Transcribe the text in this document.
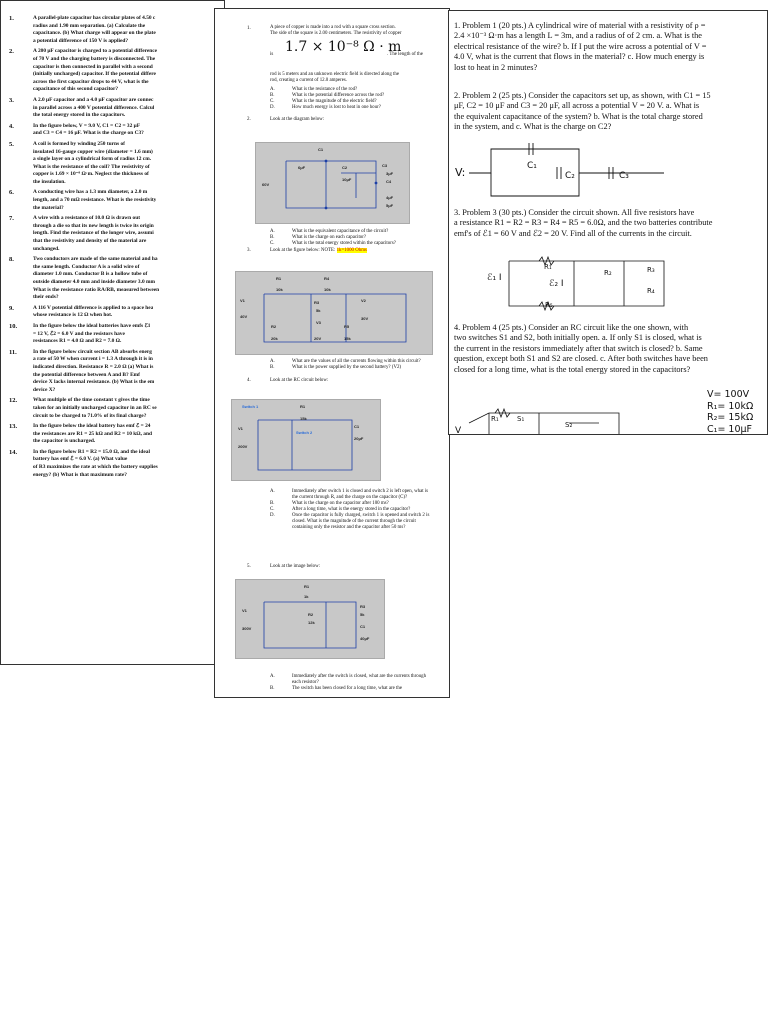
1.	A parallel-plate capacitor has circular plates of 4.50 c
radius and 1.90 mm separation. (a) Calculate the
capacitance. (b) What charge will appear on the plate
a potential difference of 150 V is applied?
2.	A 200 μF capacitor is charged to a potential difference
of 70 V and the charging battery is disconnected. The
capacitor is then connected in parallel with a second
(initially uncharged) capacitor. If the potential differe
across the first capacitor drops to 44 V, what is the
capacitance of this second capacitor?
3.	A 2.0 μF capacitor and a 4.0 μF capacitor are connec
in parallel across a 400 V potential difference. Calcul
the total energy stored in the capacitors.
4.	In the figure below, V = 9.0 V, C1 = C2 = 32 μF
and C3 = C4 = 16 μF. What is the charge on C3?
5.	A coil is formed by winding 250 turns of
insulated 16-gauge copper wire (diameter = 1.6 mm)
a single layer on a cylindrical form of radius 12 cm.
What is the resistance of the coil? The resistivity of
copper is 1.69 × 10⁻⁸ Ω·m. Neglect the thickness of
the insulation.
6.	A conducting wire has a 1.3 mm diameter, a 2.0 m
length, and a 70 mΩ resistance. What is the resistivity
the material?
7.	A wire with a resistance of 10.0 Ω is drawn out
through a die so that its new length is twice its origin
length. Find the resistance of the longer wire, assumi
that the resistivity and density of the material are
unchanged.
8.	Two conductors are made of the same material and ha
the same length. Conductor A is a solid wire of
diameter 1.0 mm. Conductor B is a hollow tube of
outside diameter 4.0 mm and inside diameter 3.0 mm
What is the resistance ratio RA/RB, measured between
their ends?
9.	A 116 V potential difference is applied to a space hea
whose resistance is 12 Ω when hot.
10.	In the figure below the ideal batteries have emfs ℰ1
= 12 V, ℰ2 = 6.0 V and the resistors have
resistances R1 = 4.0 Ω and R2 = 7.0 Ω.
11.	In the figure below circuit section AB absorbs energ
a rate of 50 W when current i = 1.3 A through it is in
indicated direction. Resistance R = 2.0 Ω (a) What is
the potential difference between A and B? Emf
device X lacks internal resistance. (b) What is the em
device X?
12.	What multiple of the time constant τ gives the time
taken for an initially uncharged capacitor in an RC se
circuit to be charged to 71.0% of its final charge?
13.	In the figure below the ideal battery has emf ℰ = 24
the resistances are R1 = 25 kΩ and R2 = 10 kΩ, and
the capacitor is uncharged.
14.	In the figure below R1 = R2 = 15.0 Ω, and the ideal
battery has emf ℰ = 6.0 V. (a) What value
of R3 maximizes the rate at which the battery supplies
energy? (b) What is that maximum rate?
1.	A piece of copper is made into a rod with a square cross section.
The side of the square is 2.00 centimeters. The resistivity of copper
is 1.7 × 10⁻⁸ Ω · m
. The length of the
rod is 5 meters and an unknown electric field is directed along the
rod, creating a current of 12.0 amperes.
A.	What is the resistance of the rod?
B.	What is the potential difference across the rod?
C.	What is the magnitude of the electric field?
D.	How much energy is lost to heat in one hour?
2.	Look at the diagram below:
C1
6μF	C2
10μF
C3
3μF
C4
4μF
5μF
60V
A.	What is the equivalent capacitance of the circuit?
B.	What is the charge on each capacitor?
C.	What is the total energy stored within the capacitors?
3.	Look at the figure below: NOTE: 1k=1000 Ohms
R1
10k
R4
10k
R3
5k
V1
40V
V2
30V
V3
20V
R2
20k
R5
15k
A.	What are the values of all the currents flowing within this circuit?
B.	What is the power supplied by the second battery? (V2)
4.	Look at the RC circuit below:
Switch 1	R1
15k
V1
200V
C1
20μF
Switch 2
A.	Immediately after switch 1 is closed and switch 2 is left open, what is the current through R, and the charge on the capacitor (C)?
B.	What is the charge on the capacitor after 100 ms?
C.	After a long time, what is the energy stored in the capacitor?
D.	Once the capacitor is fully charged, switch 1 is opened and switch 2 is closed. What is the magnitude of the current through the circuit containing only the resistor and the capacitor after 50 ms?
5.	Look at the image below:
R1
1k
V1
300V
R2
12k
R3
5k
C1
40μF
A.	Immediately after the switch is closed, what are the currents through each resistor?
B.	The switch has been closed for a long time, what are the
1. Problem 1 (20 pts.) A cylindrical wire of material with a resistivity of ρ =
2.4 ×10⁻³ Ω·m has a length L = 3m, and a radius of of 2 cm. a. What is the
electrical resistance of the wire? b. If I put the wire across a potential of V =
4.0 V, what is the current that flows in the material? c. How much energy is
lost to heat in 2 minutes?
2. Problem 2 (25 pts.) Consider the capacitors set up, as shown, with C1 = 15
μF, C2 = 10 μF and C3 = 20 μF, all across a potential V = 20 V. a. What is
the equivalent capacitance of the system? b. What is the total charge stored
in the system, and c. What is the charge on C2?
V:	C₁
C₂	C₃
3. Problem 3 (30 pts.) Consider the circuit shown. All five resistors have
a resistance R1 = R2 = R3 = R4 = R5 = 6.0Ω, and the two batteries contribute
emf's of ℰ1 = 60 V and ℰ2 = 20 V. Find all of the currents in the circuit.
ℰ₁ I
ℰ₂ I
R₁
R₂	R₃
R₄
R₅
4. Problem 4 (25 pts.) Consider an RC circuit like the one shown, with
two switches S1 and S2, both initially open. a. If only S1 is closed, what is
the current in the resistors immediately after that switch is closed? b. Same
question, except both S1 and S2 are closed. c. After both switches have been
closed for a long time, what is the total energy stored in the capacitors?
V
R₁	S₁
S₂
V= 100V
R₁= 10kΩ
R₂= 15kΩ
C₁= 10μF
